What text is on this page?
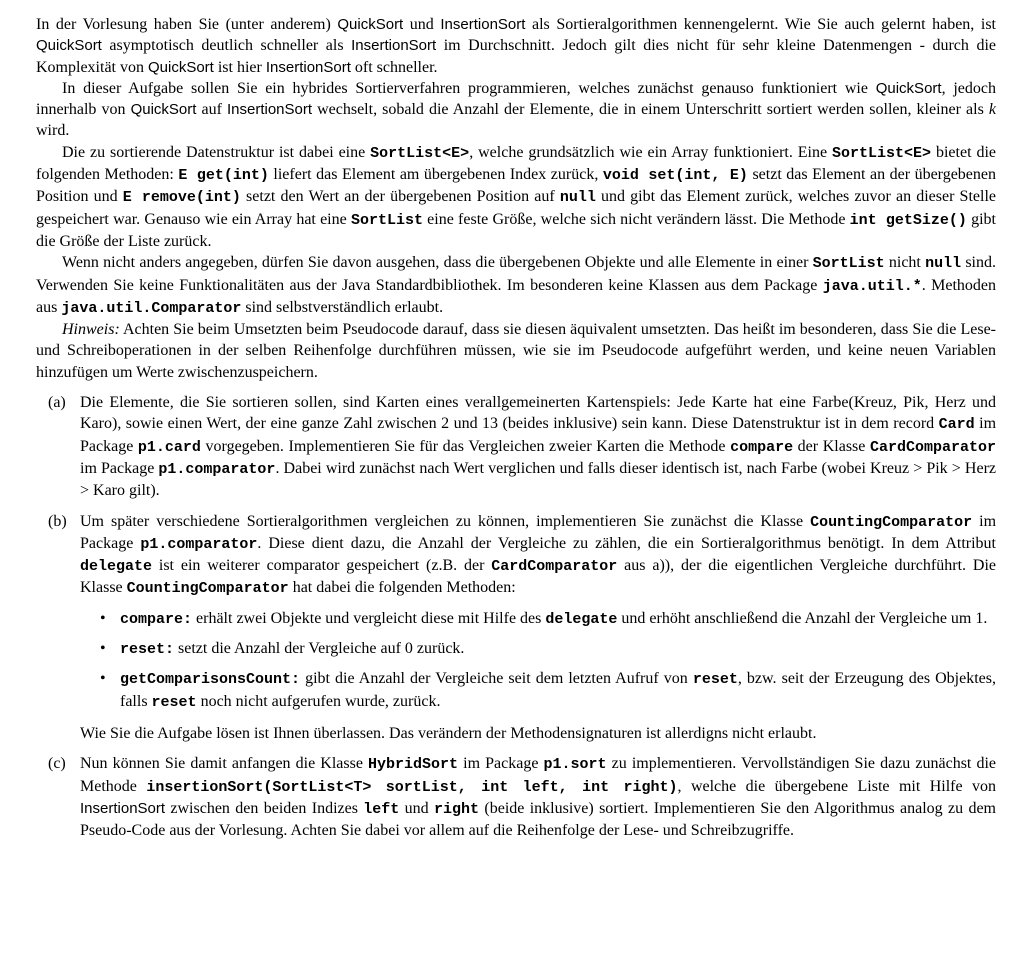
In der Vorlesung haben Sie (unter anderem) QuickSort und InsertionSort als Sortieralgorithmen kennengelernt. Wie Sie auch gelernt haben, ist QuickSort asymptotisch deutlich schneller als InsertionSort im Durchschnitt. Jedoch gilt dies nicht für sehr kleine Datenmengen - durch die Komplexität von QuickSort ist hier InsertionSort oft schneller.

In dieser Aufgabe sollen Sie ein hybrides Sortierverfahren programmieren, welches zunächst genauso funktioniert wie QuickSort, jedoch innerhalb von QuickSort auf InsertionSort wechselt, sobald die Anzahl der Elemente, die in einem Unterschritt sortiert werden sollen, kleiner als k wird.

Die zu sortierende Datenstruktur ist dabei eine SortList<E>, welche grundsätzlich wie ein Array funktioniert. Eine SortList<E> bietet die folgenden Methoden: E get(int) liefert das Element am übergebenen Index zurück, void set(int, E) setzt das Element an der übergebenen Position und E remove(int) setzt den Wert an der übergebenen Position auf null und gibt das Element zurück, welches zuvor an dieser Stelle gespeichert war. Genauso wie ein Array hat eine SortList eine feste Größe, welche sich nicht verändern lässt. Die Methode int getSize() gibt die Größe der Liste zurück.

Wenn nicht anders angegeben, dürfen Sie davon ausgehen, dass die übergebenen Objekte und alle Elemente in einer SortList nicht null sind. Verwenden Sie keine Funktionalitäten aus der Java Standardbibliothek. Im besonderen keine Klassen aus dem Package java.util.*. Methoden aus java.util.Comparator sind selbstverständlich erlaubt.

Hinweis: Achten Sie beim Umsetzten beim Pseudocode darauf, dass sie diesen äquivalent umsetzten. Das heißt im besonderen, dass Sie die Lese- und Schreiboperationen in der selben Reihenfolge durchführen müssen, wie sie im Pseudocode aufgeführt werden, und keine neuen Variablen hinzufügen um Werte zwischenzuspeichern.

(a) Die Elemente, die Sie sortieren sollen, sind Karten eines verallgemeinerten Kartenspiels: Jede Karte hat eine Farbe(Kreuz, Pik, Herz und Karo), sowie einen Wert, der eine ganze Zahl zwischen 2 und 13 (beides inklusive) sein kann. Diese Datenstruktur ist in dem record Card im Package p1.card vorgegeben. Implementieren Sie für das Vergleichen zweier Karten die Methode compare der Klasse CardComparator im Package p1.comparator. Dabei wird zunächst nach Wert verglichen und falls dieser identisch ist, nach Farbe (wobei Kreuz > Pik > Herz > Karo gilt).

(b) Um später verschiedene Sortieralgorithmen vergleichen zu können, implementieren Sie zunächst die Klasse CountingComparator im Package p1.comparator. Diese dient dazu, die Anzahl der Vergleiche zu zählen, die ein Sortieralgorithmus benötigt. In dem Attribut delegate ist ein weiterer comparator gespeichert (z.B. der CardComparator aus a)), der die eigentlichen Vergleiche durchführt. Die Klasse CountingComparator hat dabei die folgenden Methoden:

• compare: erhält zwei Objekte und vergleicht diese mit Hilfe des delegate und erhöht anschließend die Anzahl der Vergleiche um 1.

• reset: setzt die Anzahl der Vergleiche auf 0 zurück.

• getComparisonsCount: gibt die Anzahl der Vergleiche seit dem letzten Aufruf von reset, bzw. seit der Erzeugung des Objektes, falls reset noch nicht aufgerufen wurde, zurück.

Wie Sie die Aufgabe lösen ist Ihnen überlassen. Das verändern der Methodensignaturen ist allerdigns nicht erlaubt.

(c) Nun können Sie damit anfangen die Klasse HybridSort im Package p1.sort zu implementieren. Vervollständigen Sie dazu zunächst die Methode insertionSort(SortList<T> sortList, int left, int right), welche die übergebene Liste mit Hilfe von InsertionSort zwischen den beiden Indizes left und right (beide inklusive) sortiert. Implementieren Sie den Algorithmus analog zu dem Pseudo-Code aus der Vorlesung. Achten Sie dabei vor allem auf die Reihenfolge der Lese- und Schreibzugriffe.
